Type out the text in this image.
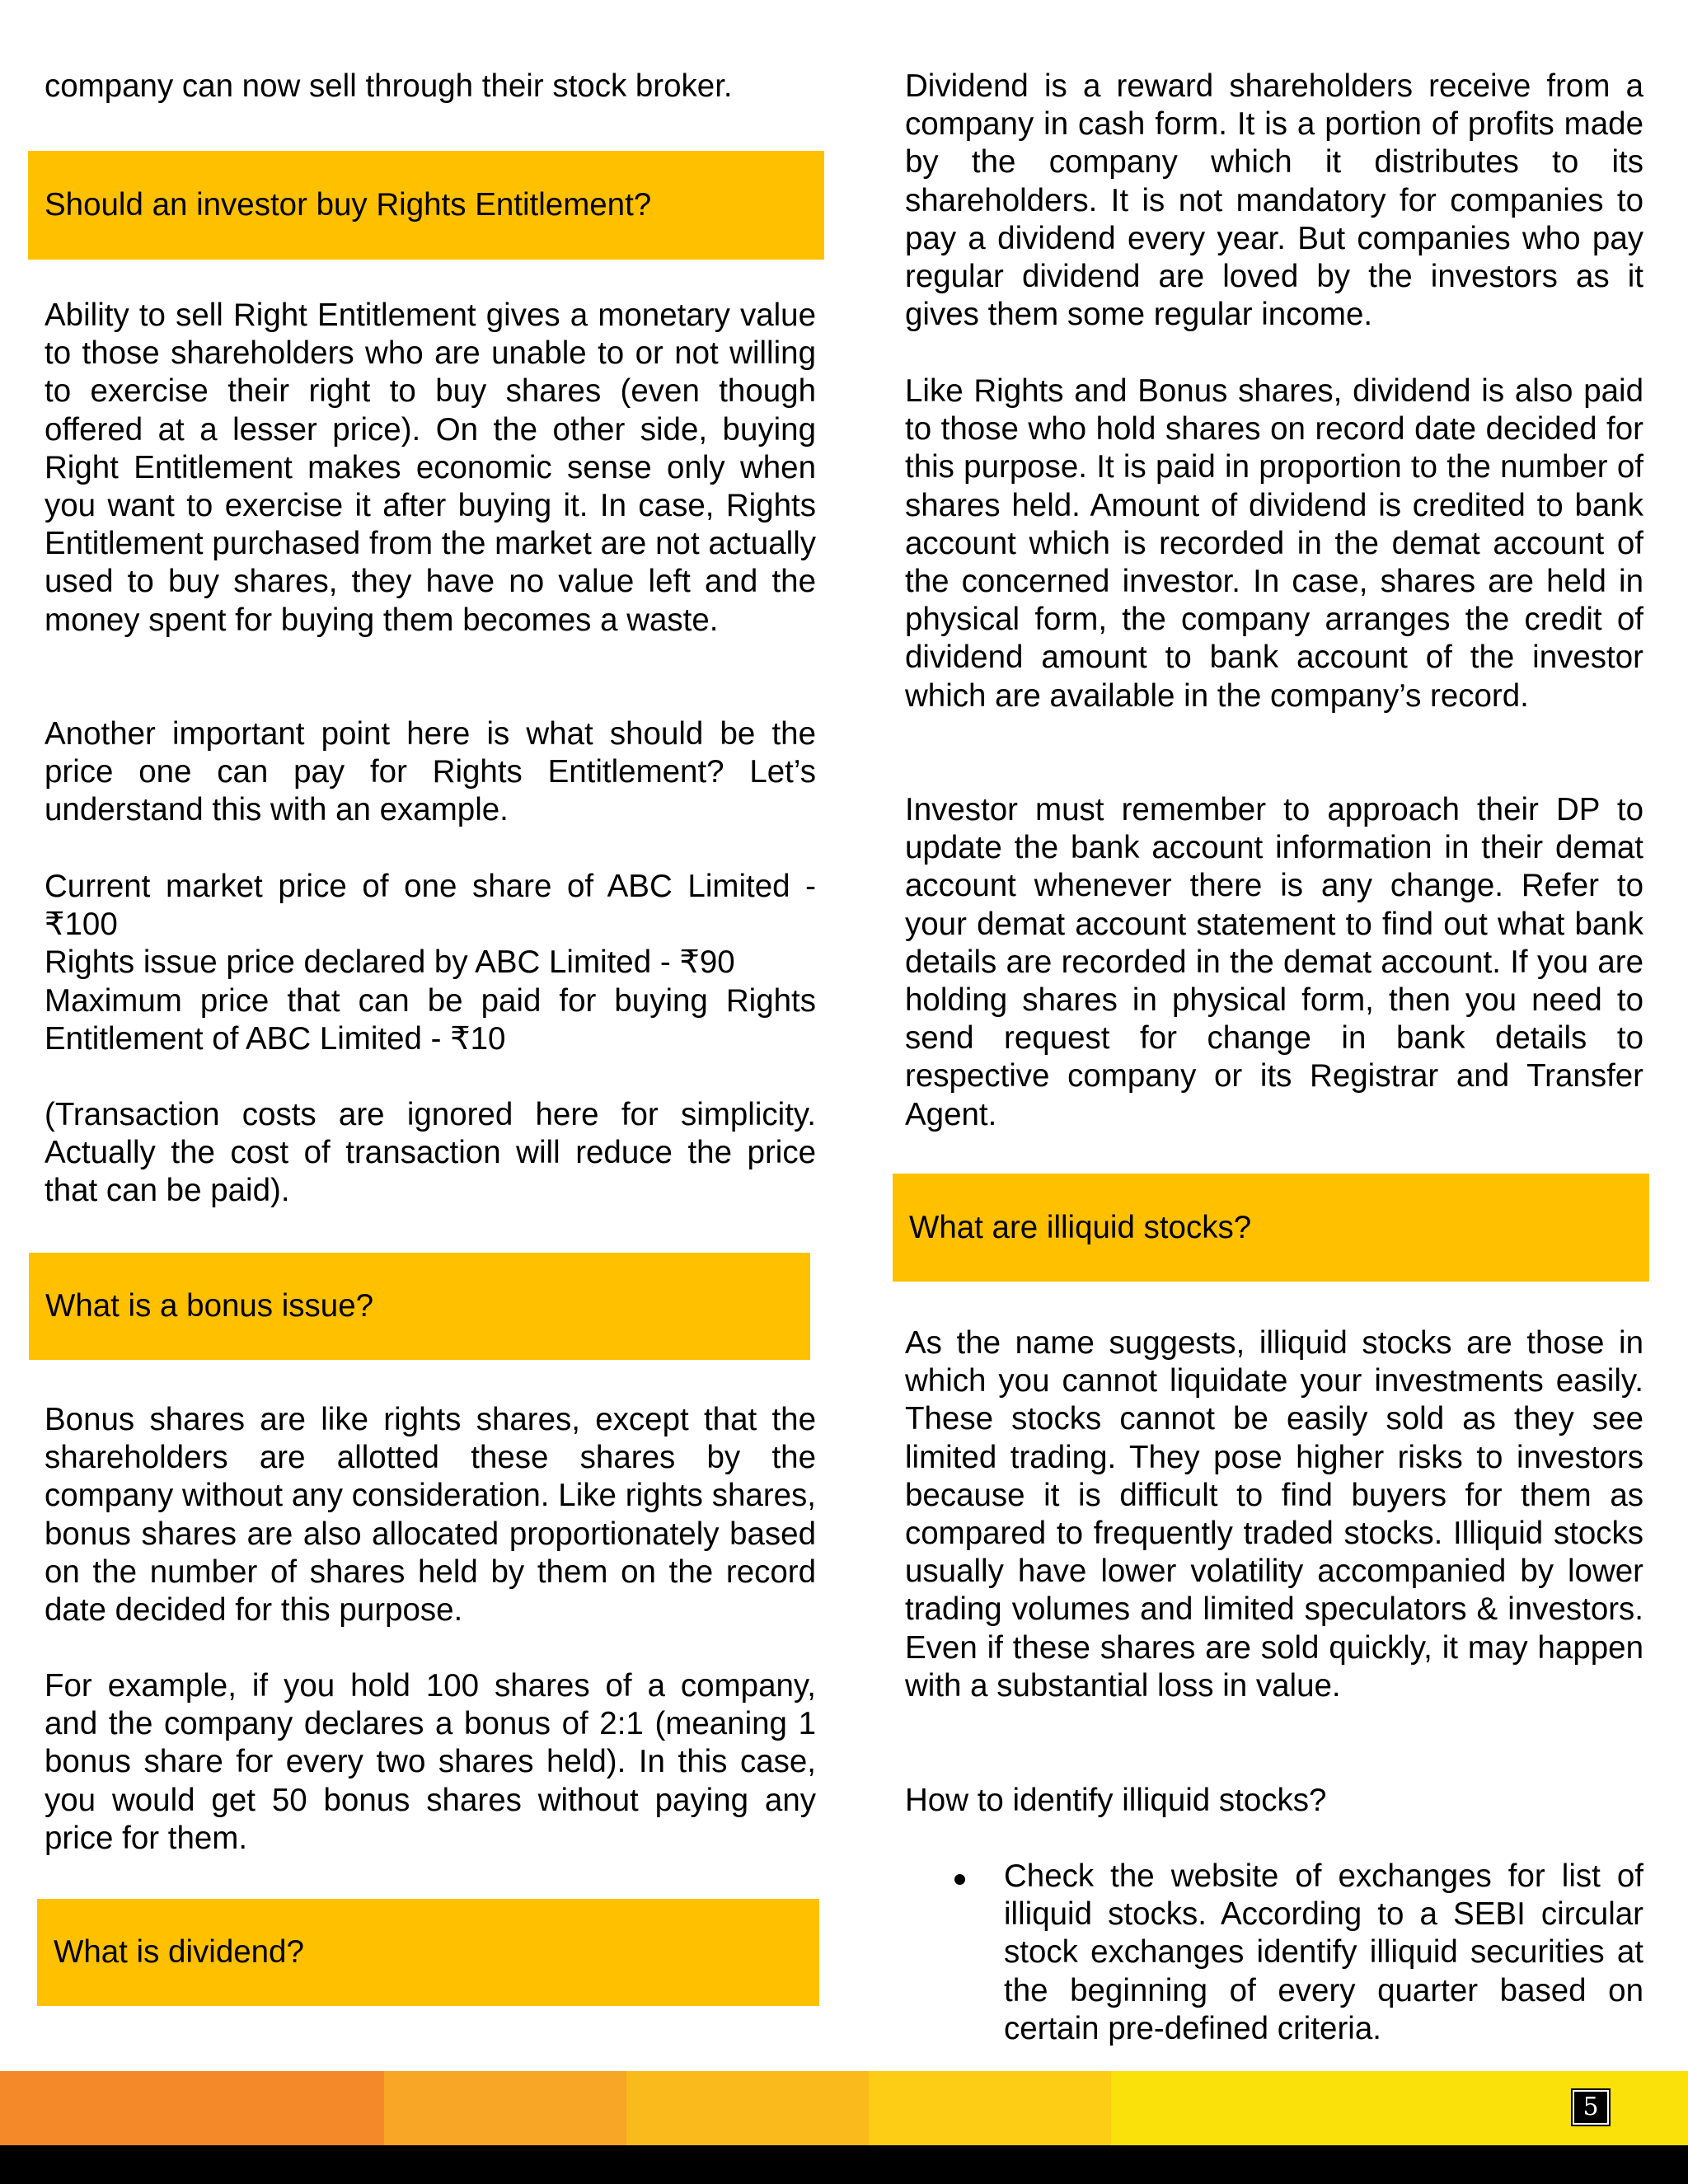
company can now sell through their stock broker.

Should an investor buy Rights Entitlement?

Ability to sell Right Entitlement gives a monetary value to those shareholders who are unable to or not willing to exercise their right to buy shares (even though offered at a lesser price). On the other side, buying Right Entitlement makes economic sense only when you want to exercise it after buying it. In case, Rights Entitlement purchased from the market are not actually used to buy shares, they have no value left and the money spent for buying them becomes a waste.

Another important point here is what should be the price one can pay for Rights Entitlement? Let’s understand this with an example.

Current market price of one share of ABC Limited - ₹100
Rights issue price declared by ABC Limited - ₹90
Maximum price that can be paid for buying Rights Entitlement of ABC Limited - ₹10

(Transaction costs are ignored here for simplicity. Actually the cost of transaction will reduce the price that can be paid).

What is a bonus issue?

Bonus shares are like rights shares, except that the shareholders are allotted these shares by the company without any consideration. Like rights shares, bonus shares are also allocated proportionately based on the number of shares held by them on the record date decided for this purpose.

For example, if you hold 100 shares of a company, and the company declares a bonus of 2:1 (meaning 1 bonus share for every two shares held). In this case, you would get 50 bonus shares without paying any price for them.

What is dividend?

Dividend is a reward shareholders receive from a company in cash form. It is a portion of profits made by the company which it distributes to its shareholders. It is not mandatory for companies to pay a dividend every year. But companies who pay regular dividend are loved by the investors as it gives them some regular income.

Like Rights and Bonus shares, dividend is also paid to those who hold shares on record date decided for this purpose. It is paid in proportion to the number of shares held. Amount of dividend is credited to bank account which is recorded in the demat account of the concerned investor. In case, shares are held in physical form, the company arranges the credit of dividend amount to bank account of the investor which are available in the company’s record.

Investor must remember to approach their DP to update the bank account information in their demat account whenever there is any change. Refer to your demat account statement to find out what bank details are recorded in the demat account. If you are holding shares in physical form, then you need to send request for change in bank details to respective company or its Registrar and Transfer Agent.

What are illiquid stocks?

As the name suggests, illiquid stocks are those in which you cannot liquidate your investments easily. These stocks cannot be easily sold as they see limited trading. They pose higher risks to investors because it is difficult to find buyers for them as compared to frequently traded stocks. Illiquid stocks usually have lower volatility accompanied by lower trading volumes and limited speculators & investors. Even if these shares are sold quickly, it may happen with a substantial loss in value.

How to identify illiquid stocks?

Check the website of exchanges for list of illiquid stocks. According to a SEBI circular stock exchanges identify illiquid securities at the beginning of every quarter based on certain pre-defined criteria.
5
